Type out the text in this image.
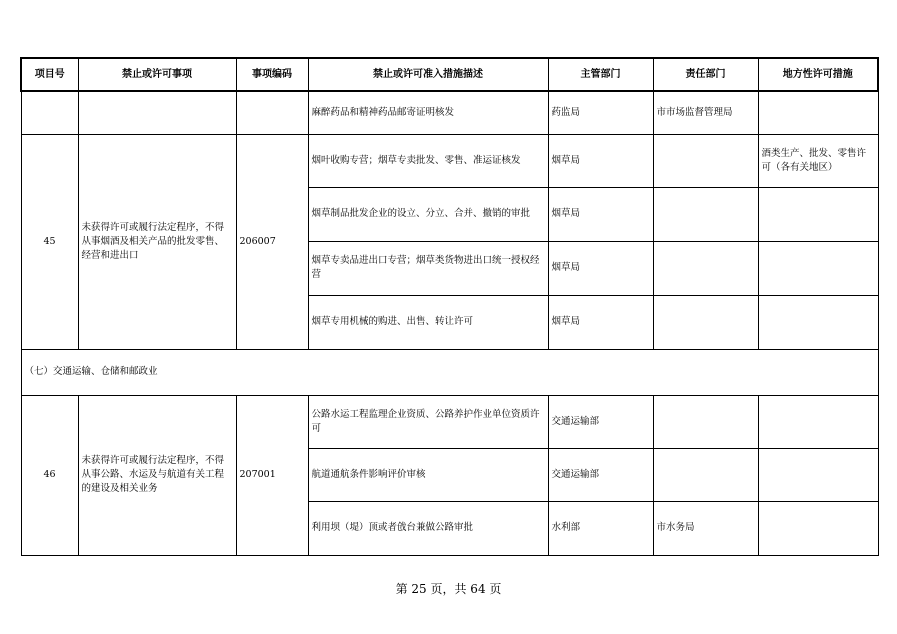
项目号	禁止或许可事项	事项编码	禁止或许可准入措施描述	主管部门	责任部门	地方性许可措施
			麻醉药品和精神药品邮寄证明核发	药监局	市市场监督管理局	
45	未获得许可或履行法定程序，不得从事烟酒及相关产品的批发零售、经营和进出口	206007	烟叶收购专营；烟草专卖批发、零售、准运证核发	烟草局		酒类生产、批发、零售许可（各有关地区）
			烟草制品批发企业的设立、分立、合并、撤销的审批	烟草局		
			烟草专卖品进出口专营；烟草类货物进出口统一授权经营	烟草局		
			烟草专用机械的购进、出售、转让许可	烟草局		
（七）交通运输、仓储和邮政业						
46	未获得许可或履行法定程序，不得从事公路、水运及与航道有关工程的建设及相关业务	207001	公路水运工程监理企业资质、公路养护作业单位资质许可	交通运输部		
			航道通航条件影响评价审核	交通运输部		
			利用坝（堤）顶或者戗台兼做公路审批	水利部	市水务局	
第 25 页，共 64 页
